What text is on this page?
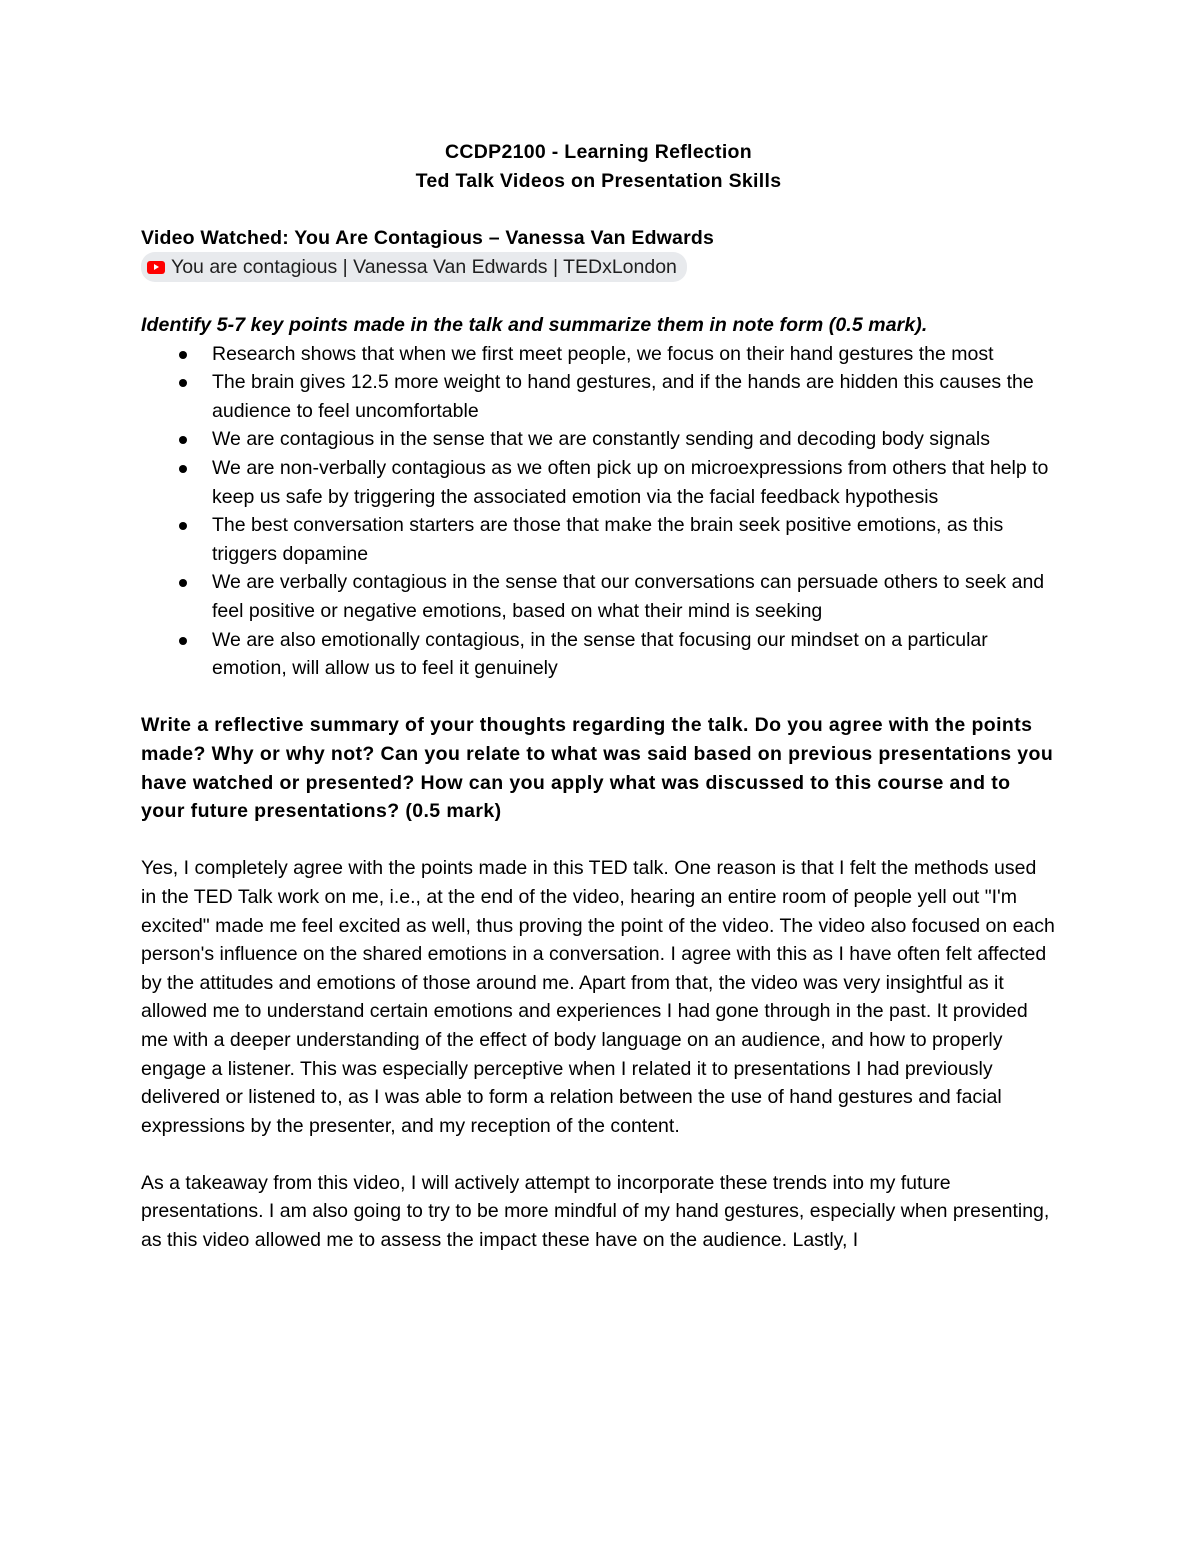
CCDP2100 - Learning Reflection
Ted Talk Videos on Presentation Skills
Video Watched: You Are Contagious – Vanessa Van Edwards
You are contagious | Vanessa Van Edwards | TEDxLondon
Identify 5-7 key points made in the talk and summarize them in note form (0.5 mark).
Research shows that when we first meet people, we focus on their hand gestures the most
The brain gives 12.5 more weight to hand gestures, and if the hands are hidden this causes the audience to feel uncomfortable
We are contagious in the sense that we are constantly sending and decoding body signals
We are non-verbally contagious as we often pick up on microexpressions from others that help to keep us safe by triggering the associated emotion via the facial feedback hypothesis
The best conversation starters are those that make the brain seek positive emotions, as this triggers dopamine
We are verbally contagious in the sense that our conversations can persuade others to seek and feel positive or negative emotions, based on what their mind is seeking
We are also emotionally contagious, in the sense that focusing our mindset on a particular emotion, will allow us to feel it genuinely
Write a reflective summary of your thoughts regarding the talk. Do you agree with the points made? Why or why not? Can you relate to what was said based on previous presentations you have watched or presented? How can you apply what was discussed to this course and to your future presentations? (0.5 mark)

Yes, I completely agree with the points made in this TED talk. One reason is that I felt the methods used in the TED Talk work on me, i.e., at the end of the video, hearing an entire room of people yell out "I'm excited" made me feel excited as well, thus proving the point of the video. The video also focused on each person's influence on the shared emotions in a conversation. I agree with this as I have often felt affected by the attitudes and emotions of those around me. Apart from that, the video was very insightful as it allowed me to understand certain emotions and experiences I had gone through in the past. It provided me with a deeper understanding of the effect of body language on an audience, and how to properly engage a listener. This was especially perceptive when I related it to presentations I had previously delivered or listened to, as I was able to form a relation between the use of hand gestures and facial expressions by the presenter, and my reception of the content.

As a takeaway from this video, I will actively attempt to incorporate these trends into my future presentations. I am also going to try to be more mindful of my hand gestures, especially when presenting, as this video allowed me to assess the impact these have on the audience. Lastly, I
